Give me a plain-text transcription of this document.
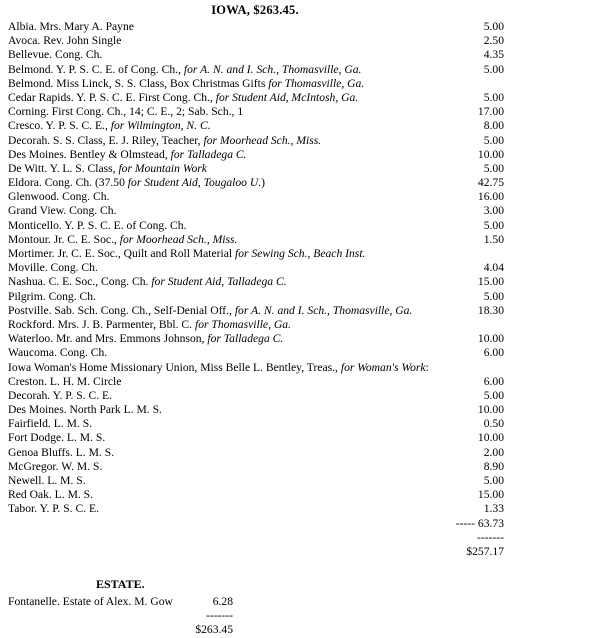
IOWA, $263.45.
Albia. Mrs. Mary A. Payne	5.00
Avoca. Rev. John Single	2.50
Bellevue. Cong. Ch.	4.35
Belmond. Y. P. S. C. E. of Cong. Ch., for A. N. and I. Sch., Thomasville, Ga.	5.00
Belmond. Miss Linck, S. S. Class, Box Christmas Gifts for Thomasville, Ga.
Cedar Rapids. Y. P. S. C. E. First Cong. Ch., for Student Aid, McIntosh, Ga.	5.00
Corning. First Cong. Ch., 14; C. E., 2; Sab. Sch., 1	17.00
Cresco. Y. P. S. C. E., for Wilmington, N. C.	8.00
Decorah. S. S. Class, E. J. Riley, Teacher, for Moorhead Sch., Miss.	5.00
Des Moines. Bentley & Olmstead, for Talladega C.	10.00
De Witt. Y. L. S. Class, for Mountain Work	5.00
Eldora. Cong. Ch. (37.50 for Student Aid, Tougaloo U.)	42.75
Glenwood. Cong. Ch.	16.00
Grand View. Cong. Ch.	3.00
Monticello. Y. P. S. C. E. of Cong. Ch.	5.00
Montour. Jr. C. E. Soc., for Moorhead Sch., Miss.	1.50
Mortimer. Jr. C. E. Soc., Quilt and Roll Material for Sewing Sch., Beach Inst.
Moville. Cong. Ch.	4.04
Nashua. C. E. Soc., Cong. Ch. for Student Aid, Talladega C.	15.00
Pilgrim. Cong. Ch.	5.00
Postville. Sab. Sch. Cong. Ch., Self-Denial Off., for A. N. and I. Sch., Thomasville, Ga.	18.30
Rockford. Mrs. J. B. Parmenter, Bbl. C. for Thomasville, Ga.
Waterloo. Mr. and Mrs. Emmons Johnson, for Talladega C.	10.00
Waucoma. Cong. Ch.	6.00
Iowa Woman's Home Missionary Union, Miss Belle L. Bentley, Treas., for Woman's Work:
Creston. L. H. M. Circle	6.00
Decorah. Y. P. S. C. E.	5.00
Des Moines. North Park L. M. S.	10.00
Fairfield. L. M. S.	0.50
Fort Dodge. L. M. S.	10.00
Genoa Bluffs. L. M. S.	2.00
McGregor. W. M. S.	8.90
Newell. L. M. S.	5.00
Red Oak. L. M. S.	15.00
Tabor. Y. P. S. C. E.	1.33
----- 63.73
-------
$257.17
ESTATE.
Fontanelle. Estate of Alex. M. Gow	6.28
-------
$263.45
